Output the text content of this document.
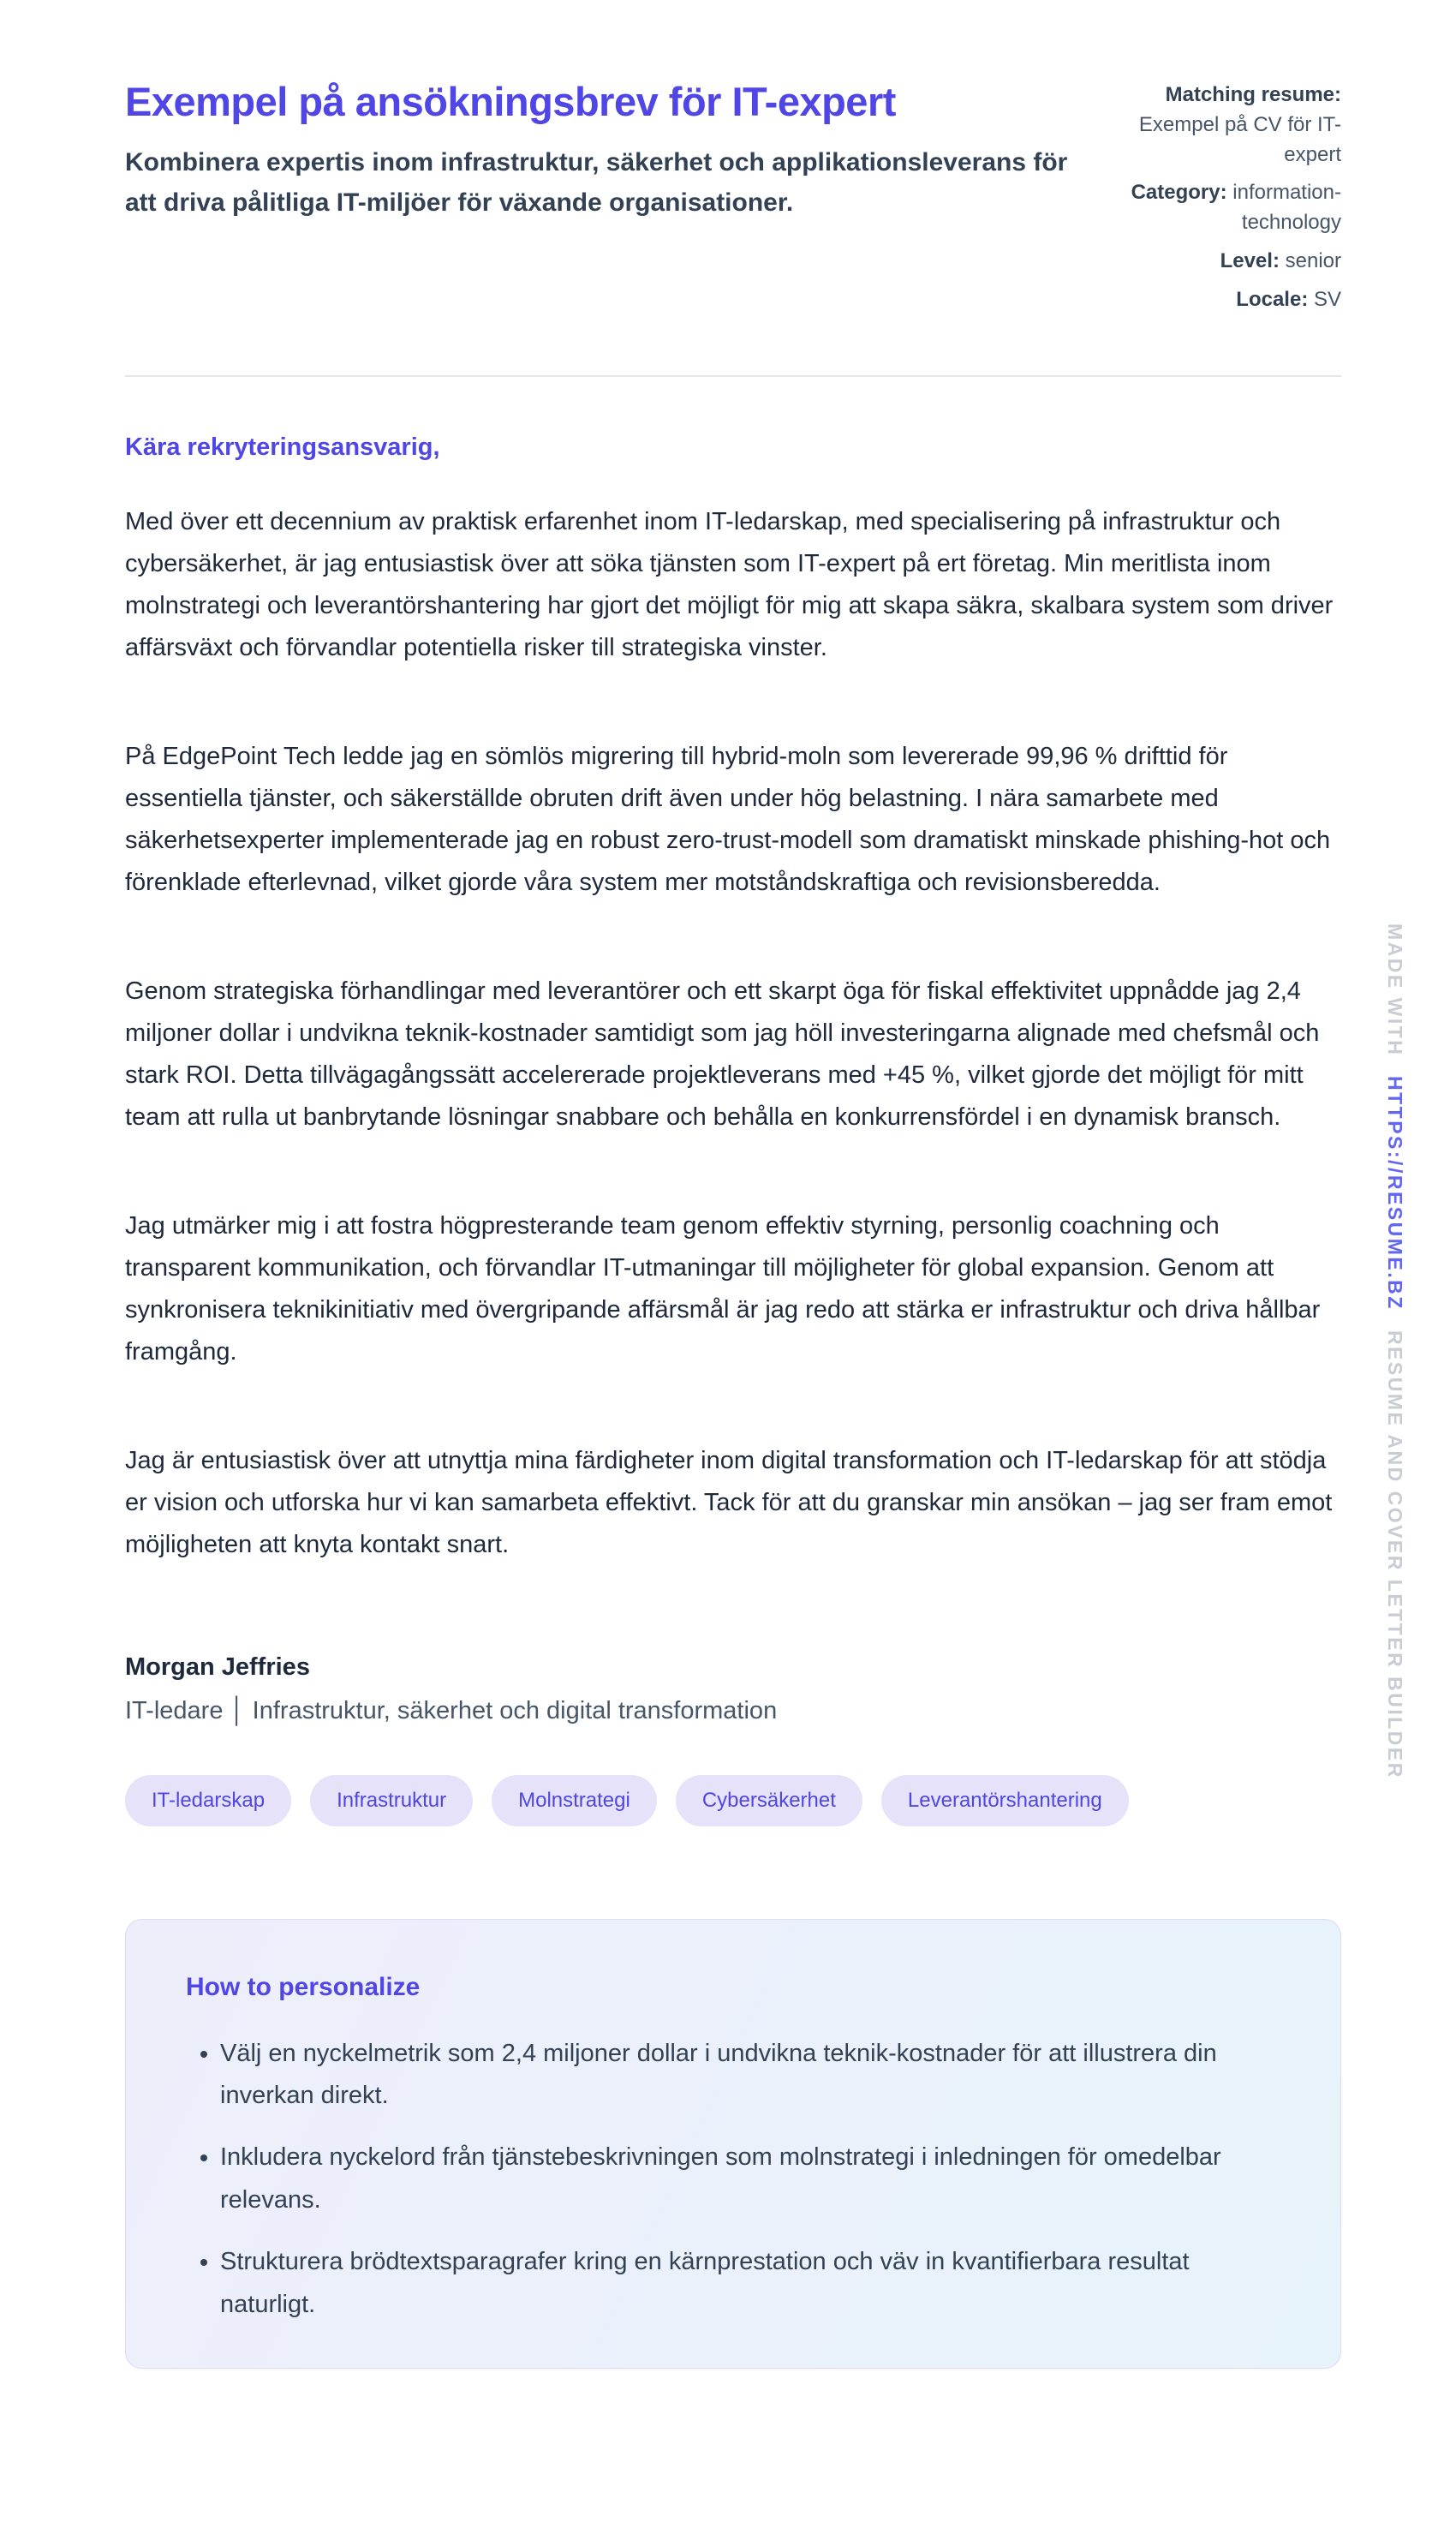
Exempel på ansökningsbrev för IT-expert

Kombinera expertis inom infrastruktur, säkerhet och applikationsleverans för att driva pålitliga IT-miljöer för växande organisationer.

Matching resume: Exempel på CV för IT-expert
Category: information-technology
Level: senior
Locale: SV

Kära rekryteringsansvarig,

Med över ett decennium av praktisk erfarenhet inom IT-ledarskap, med specialisering på infrastruktur och cybersäkerhet, är jag entusiastisk över att söka tjänsten som IT-expert på ert företag. Min meritlista inom molnstrategi och leverantörshantering har gjort det möjligt för mig att skapa säkra, skalbara system som driver affärsväxt och förvandlar potentiella risker till strategiska vinster.

På EdgePoint Tech ledde jag en sömlös migrering till hybrid-moln som levererade 99,96 % drifttid för essentiella tjänster, och säkerställde obruten drift även under hög belastning. I nära samarbete med säkerhetsexperter implementerade jag en robust zero-trust-modell som dramatiskt minskade phishing-hot och förenklade efterlevnad, vilket gjorde våra system mer motståndskraftiga och revisionsberedda.

Genom strategiska förhandlingar med leverantörer och ett skarpt öga för fiskal effektivitet uppnådde jag 2,4 miljoner dollar i undvikna teknik-kostnader samtidigt som jag höll investeringarna alignade med chefsmål och stark ROI. Detta tillvägagångssätt accelererade projektleverans med +45 %, vilket gjorde det möjligt för mitt team att rulla ut banbrytande lösningar snabbare och behålla en konkurrensfördel i en dynamisk bransch.

Jag utmärker mig i att fostra högpresterande team genom effektiv styrning, personlig coachning och transparent kommunikation, och förvandlar IT-utmaningar till möjligheter för global expansion. Genom att synkronisera teknikinitiativ med övergripande affärsmål är jag redo att stärka er infrastruktur och driva hållbar framgång.

Jag är entusiastisk över att utnyttja mina färdigheter inom digital transformation och IT-ledarskap för att stödja er vision och utforska hur vi kan samarbeta effektivt. Tack för att du granskar min ansökan – jag ser fram emot möjligheten att knyta kontakt snart.

Morgan Jeffries

IT-ledare │ Infrastruktur, säkerhet och digital transformation

IT-ledarskap	Infrastruktur	Molnstrategi	Cybersäkerhet	Leverantörshantering
How to personalize
• Välj en nyckelmetrik som 2,4 miljoner dollar i undvikna teknik-kostnader för att illustrera din inverkan direkt.
• Inkludera nyckelord från tjänstebeskrivningen som molnstrategi i inledningen för omedelbar relevans.
• Strukturera brödtextsparagrafer kring en kärnprestation och väv in kvantifierbara resultat naturligt.
MADE WITH HTTPS://RESUME.BZ RESUME AND COVER LETTER BUILDER
